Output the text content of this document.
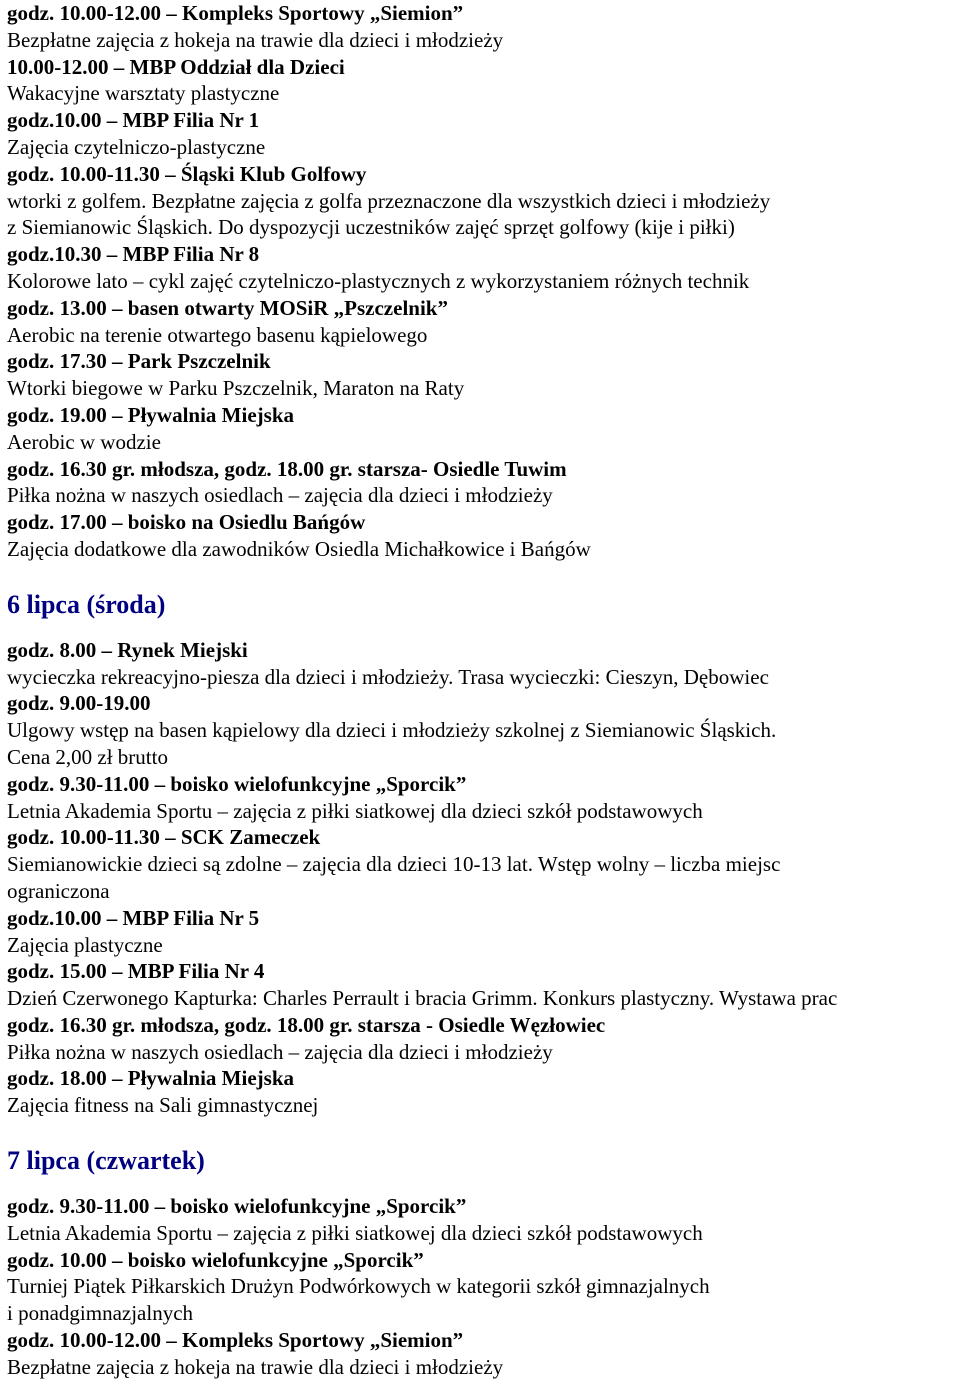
godz. 10.00-12.00 – Kompleks Sportowy „Siemion”
Bezpłatne zajęcia z hokeja na trawie dla dzieci i młodzieży
10.00-12.00 – MBP Oddział dla Dzieci
Wakacyjne warsztaty plastyczne
godz.10.00 – MBP Filia Nr 1
Zajęcia czytelniczo-plastyczne
godz. 10.00-11.30 – Śląski Klub Golfowy
wtorki z golfem. Bezpłatne zajęcia z golfa przeznaczone dla wszystkich dzieci i młodzieży
z Siemianowic Śląskich. Do dyspozycji uczestników zajęć sprzęt golfowy (kije i piłki)
godz.10.30 – MBP Filia Nr 8
Kolorowe lato – cykl zajęć czytelniczo-plastycznych z wykorzystaniem różnych technik
godz. 13.00 – basen otwarty MOSiR „Pszczelnik”
Aerobic na terenie otwartego basenu kąpielowego
godz. 17.30 – Park Pszczelnik
Wtorki biegowe w Parku Pszczelnik, Maraton na Raty
godz. 19.00 – Pływalnia Miejska
Aerobic w wodzie
godz. 16.30 gr. młodsza, godz. 18.00 gr. starsza- Osiedle Tuwim
Piłka nożna w naszych osiedlach – zajęcia dla dzieci i młodzieży
godz. 17.00 – boisko na Osiedlu Bańgów
Zajęcia dodatkowe dla zawodników Osiedla Michałkowice i Bańgów
6 lipca (środa)
godz. 8.00 – Rynek Miejski
wycieczka rekreacyjno-piesza dla dzieci i młodzieży. Trasa wycieczki: Cieszyn, Dębowiec
godz. 9.00-19.00
Ulgowy wstęp na basen kąpielowy dla dzieci i młodzieży szkolnej z Siemianowic Śląskich.
Cena 2,00 zł brutto
godz. 9.30-11.00 – boisko wielofunkcyjne „Sporcik”
Letnia Akademia Sportu – zajęcia z piłki siatkowej dla dzieci szkół podstawowych
godz. 10.00-11.30 – SCK Zameczek
Siemianowickie dzieci są zdolne – zajęcia dla dzieci 10-13 lat. Wstęp wolny – liczba miejsc
ograniczona
godz.10.00 – MBP Filia Nr 5
Zajęcia plastyczne
godz. 15.00 – MBP Filia Nr 4
Dzień Czerwonego Kapturka: Charles Perrault i bracia Grimm. Konkurs plastyczny. Wystawa prac
godz. 16.30 gr. młodsza, godz. 18.00 gr. starsza - Osiedle Węzłowiec
Piłka nożna w naszych osiedlach – zajęcia dla dzieci i młodzieży
godz. 18.00 – Pływalnia Miejska
Zajęcia fitness na Sali gimnastycznej
7 lipca (czwartek)
godz. 9.30-11.00 – boisko wielofunkcyjne „Sporcik”
Letnia Akademia Sportu – zajęcia z piłki siatkowej dla dzieci szkół podstawowych
godz. 10.00 – boisko wielofunkcyjne „Sporcik”
Turniej Piątek Piłkarskich Drużyn Podwórkowych w kategorii szkół gimnazjalnych
i ponadgimnazjalnych
godz. 10.00-12.00 – Kompleks Sportowy „Siemion”
Bezpłatne zajęcia z hokeja na trawie dla dzieci i młodzieży
